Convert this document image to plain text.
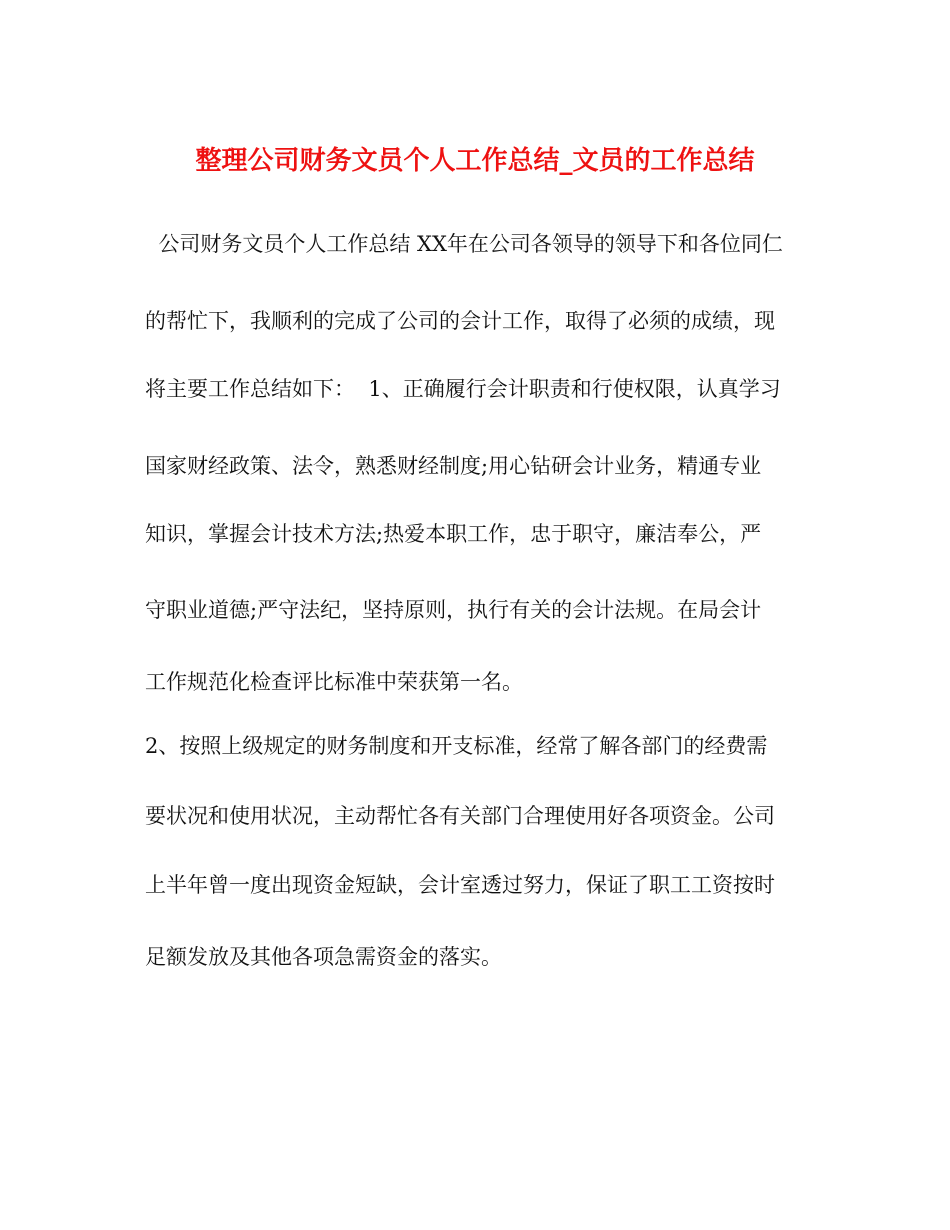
整理公司财务文员个人工作总结_文员的工作总结
公司财务文员个人工作总结 XX年在公司各领导的领导下和各位同仁
的帮忙下，我顺利的完成了公司的会计工作，取得了必须的成绩，现
将主要工作总结如下：  1、正确履行会计职责和行使权限，认真学习
国家财经政策、法令，熟悉财经制度;用心钻研会计业务，精通专业
知识，掌握会计技术方法;热爱本职工作，忠于职守，廉洁奉公，严
守职业道德;严守法纪，坚持原则，执行有关的会计法规。在局会计
工作规范化检查评比标准中荣获第一名。
2、按照上级规定的财务制度和开支标准，经常了解各部门的经费需
要状况和使用状况，主动帮忙各有关部门合理使用好各项资金。公司
上半年曾一度出现资金短缺，会计室透过努力，保证了职工工资按时
足额发放及其他各项急需资金的落实。
